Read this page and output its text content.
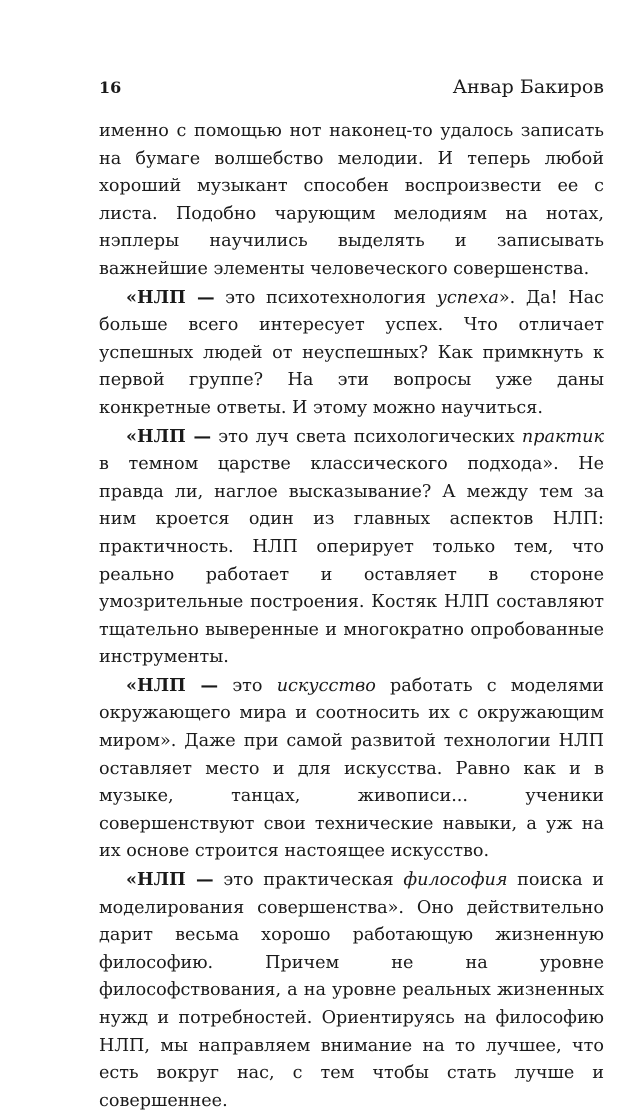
16	Анвар Бакиров

именно с помощью нот наконец-то удалось записать на бумаге волшебство мелодии. И теперь любой хороший музыкант способен воспроизвести ее с листа. Подобно чарующим мелодиям на нотах, нэплеры научились выделять и записывать важнейшие элементы человеческого совершенства.

«НЛП — это психотехнология успеха». Да! Нас больше всего интересует успех. Что отличает успешных людей от неуспешных? Как примкнуть к первой группе? На эти вопросы уже даны конкретные ответы. И этому можно научиться.

«НЛП — это луч света психологических практик в темном царстве классического подхода». Не правда ли, наглое высказывание? А между тем за ним кроется один из главных аспектов НЛП: практичность. НЛП оперирует только тем, что реально работает и оставляет в стороне умозрительные построения. Костяк НЛП составляют тщательно выверенные и многократно опробованные инструменты.

«НЛП — это искусство работать с моделями окружающего мира и соотносить их с окружающим миром». Даже при самой развитой технологии НЛП оставляет место и для искусства. Равно как и в музыке, танцах, живописи... ученики совершенствуют свои технические навыки, а уж на их основе строится настоящее искусство.

«НЛП — это практическая философия поиска и моделирования совершенства». Оно действительно дарит весьма хорошо работающую жизненную философию. Причем не на уровне философствования, а на уровне реальных жизненных нужд и потребностей. Ориентируясь на философию НЛП, мы направляем внимание на то лучшее, что есть вокруг нас, с тем чтобы стать лучше и совершеннее.
